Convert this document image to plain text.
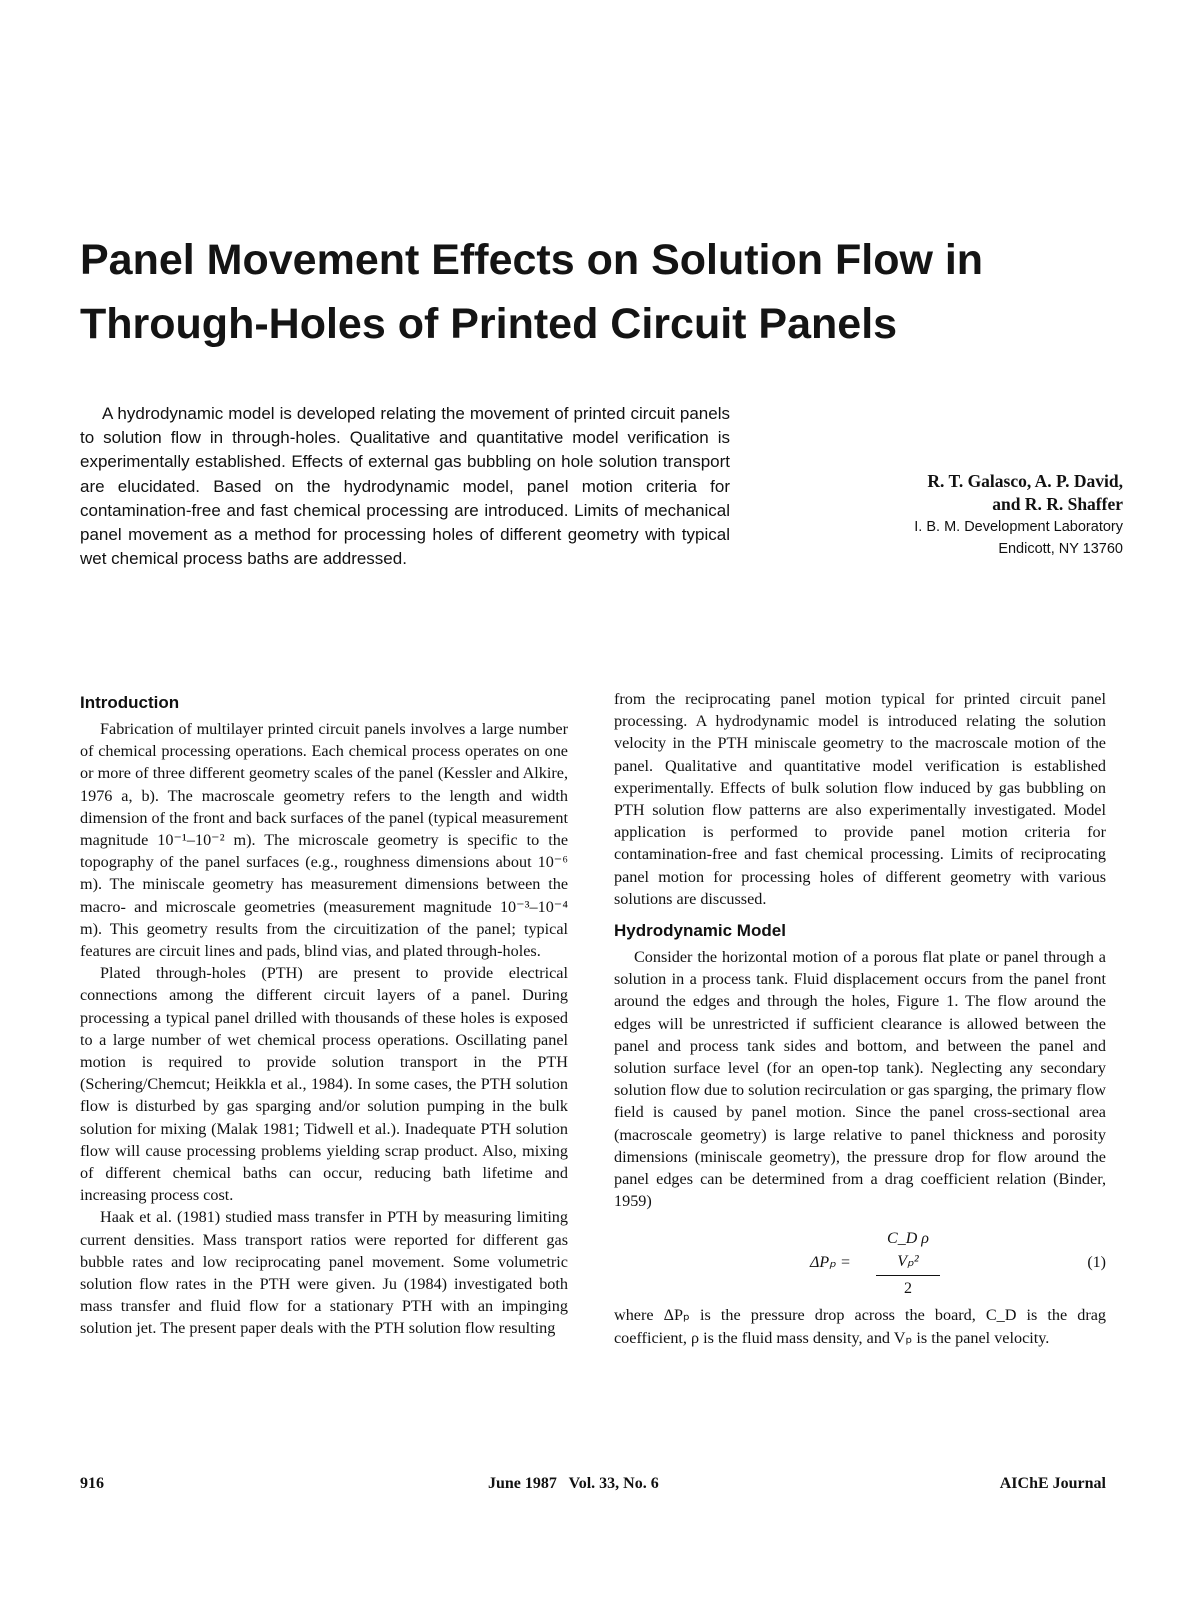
Panel Movement Effects on Solution Flow in Through-Holes of Printed Circuit Panels

A hydrodynamic model is developed relating the movement of printed circuit panels to solution flow in through-holes. Qualitative and quantitative model verification is experimentally established. Effects of external gas bubbling on hole solution transport are elucidated. Based on the hydrodynamic model, panel motion criteria for contamination-free and fast chemical processing are introduced. Limits of mechanical panel movement as a method for processing holes of different geometry with typical wet chemical process baths are addressed.

R. T. Galasco, A. P. David,

and R. R. Shaffer

I. B. M. Development Laboratory

Endicott, NY 13760

Introduction

Fabrication of multilayer printed circuit panels involves a large number of chemical processing operations. Each chemical process operates on one or more of three different geometry scales of the panel (Kessler and Alkire, 1976 a, b). The macroscale geometry refers to the length and width dimension of the front and back surfaces of the panel (typical measurement magnitude 10⁻¹–10⁻² m). The microscale geometry is specific to the topography of the panel surfaces (e.g., roughness dimensions about 10⁻⁶ m). The miniscale geometry has measurement dimensions between the macro- and microscale geometries (measurement magnitude 10⁻³–10⁻⁴ m). This geometry results from the circuitization of the panel; typical features are circuit lines and pads, blind vias, and plated through-holes.

Plated through-holes (PTH) are present to provide electrical connections among the different circuit layers of a panel. During processing a typical panel drilled with thousands of these holes is exposed to a large number of wet chemical process operations. Oscillating panel motion is required to provide solution transport in the PTH (Schering/Chemcut; Heikkla et al., 1984). In some cases, the PTH solution flow is disturbed by gas sparging and/or solution pumping in the bulk solution for mixing (Malak 1981; Tidwell et al.). Inadequate PTH solution flow will cause processing problems yielding scrap product. Also, mixing of different chemical baths can occur, reducing bath lifetime and increasing process cost.

Haak et al. (1981) studied mass transfer in PTH by measuring limiting current densities. Mass transport ratios were reported for different gas bubble rates and low reciprocating panel movement. Some volumetric solution flow rates in the PTH were given. Ju (1984) investigated both mass transfer and fluid flow for a stationary PTH with an impinging solution jet. The present paper deals with the PTH solution flow resulting

from the reciprocating panel motion typical for printed circuit panel processing. A hydrodynamic model is introduced relating the solution velocity in the PTH miniscale geometry to the macroscale motion of the panel. Qualitative and quantitative model verification is established experimentally. Effects of bulk solution flow induced by gas bubbling on PTH solution flow patterns are also experimentally investigated. Model application is performed to provide panel motion criteria for contamination-free and fast chemical processing. Limits of reciprocating panel motion for processing holes of different geometry with various solutions are discussed.

Hydrodynamic Model

Consider the horizontal motion of a porous flat plate or panel through a solution in a process tank. Fluid displacement occurs from the panel front around the edges and through the holes, Figure 1. The flow around the edges will be unrestricted if sufficient clearance is allowed between the panel and process tank sides and bottom, and between the panel and solution surface level (for an open-top tank). Neglecting any secondary solution flow due to solution recirculation or gas sparging, the primary flow field is caused by panel motion. Since the panel cross-sectional area (macroscale geometry) is large relative to panel thickness and porosity dimensions (miniscale geometry), the pressure drop for flow around the panel edges can be determined from a drag coefficient relation (Binder, 1959)

$\Delta P_p = \frac{\text{C\_D ρ Vₚ²}}{2}$	(1)

where ΔPₚ is the pressure drop across the board, C_D is the drag coefficient, ρ is the fluid mass density, and Vₚ is the panel velocity.

916	June 1987   Vol. 33, No. 6	AIChE Journal
